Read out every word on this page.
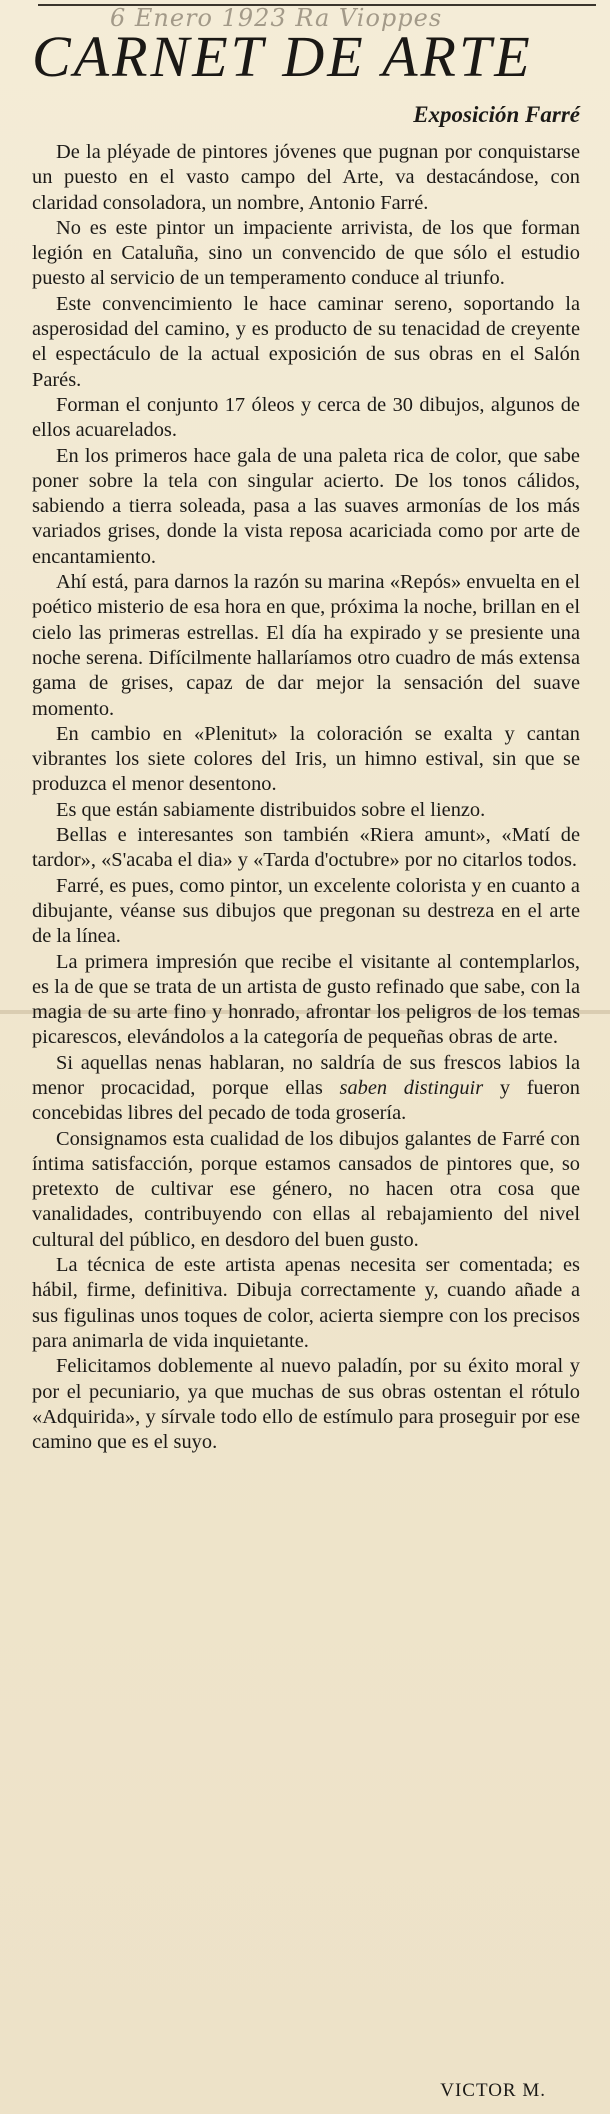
6 Enero 1923 Ra Vioppes
CARNET DE ARTE
Exposición Farré

De la pléyade de pintores jóvenes que pugnan por conquistarse un puesto en el vasto campo del Arte, va destacándose, con claridad consoladora, un nombre, Antonio Farré.

No es este pintor un impaciente arrivista, de los que forman legión en Cataluña, sino un convencido de que sólo el estudio puesto al servicio de un temperamento conduce al triunfo.

Este convencimiento le hace caminar sereno, soportando la asperosidad del camino, y es producto de su tenacidad de creyente el espectáculo de la actual exposición de sus obras en el Salón Parés.

Forman el conjunto 17 óleos y cerca de 30 dibujos, algunos de ellos acuarelados.

En los primeros hace gala de una paleta rica de color, que sabe poner sobre la tela con singular acierto. De los tonos cálidos, sabiendo a tierra soleada, pasa a las suaves armonías de los más variados grises, donde la vista reposa acariciada como por arte de encantamiento.

Ahí está, para darnos la razón su marina «Repós» envuelta en el poético misterio de esa hora en que, próxima la noche, brillan en el cielo las primeras estrellas. El día ha expirado y se presiente una noche serena. Difícilmente hallaríamos otro cuadro de más extensa gama de grises, capaz de dar mejor la sensación del suave momento.

En cambio en «Plenitut» la coloración se exalta y cantan vibrantes los siete colores del Iris, un himno estival, sin que se produzca el menor desentono.

Es que están sabiamente distribuidos sobre el lienzo.

Bellas e interesantes son también «Riera amunt», «Matí de tardor», «S'acaba el dia» y «Tarda d'octubre» por no citarlos todos.

Farré, es pues, como pintor, un excelente colorista y en cuanto a dibujante, véanse sus dibujos que pregonan su destreza en el arte de la línea.

La primera impresión que recibe el visitante al contemplarlos, es la de que se trata de un artista de gusto refinado que sabe, con la magia de su arte fino y honrado, afrontar los peligros de los temas picarescos, elevándolos a la categoría de pequeñas obras de arte.

Si aquellas nenas hablaran, no saldría de sus frescos labios la menor procacidad, porque ellas saben distinguir y fueron concebidas libres del pecado de toda grosería.

Consignamos esta cualidad de los dibujos galantes de Farré con íntima satisfacción, porque estamos cansados de pintores que, so pretexto de cultivar ese género, no hacen otra cosa que vanalidades, contribuyendo con ellas al rebajamiento del nivel cultural del público, en desdoro del buen gusto.

La técnica de este artista apenas necesita ser comentada; es hábil, firme, definitiva. Dibuja correctamente y, cuando añade a sus figulinas unos toques de color, acierta siempre con los precisos para animarla de vida inquietante.

Felicitamos doblemente al nuevo paladín, por su éxito moral y por el pecuniario, ya que muchas de sus obras ostentan el rótulo «Adquirida», y sírvale todo ello de estímulo para proseguir por ese camino que es el suyo.

VICTOR M.
